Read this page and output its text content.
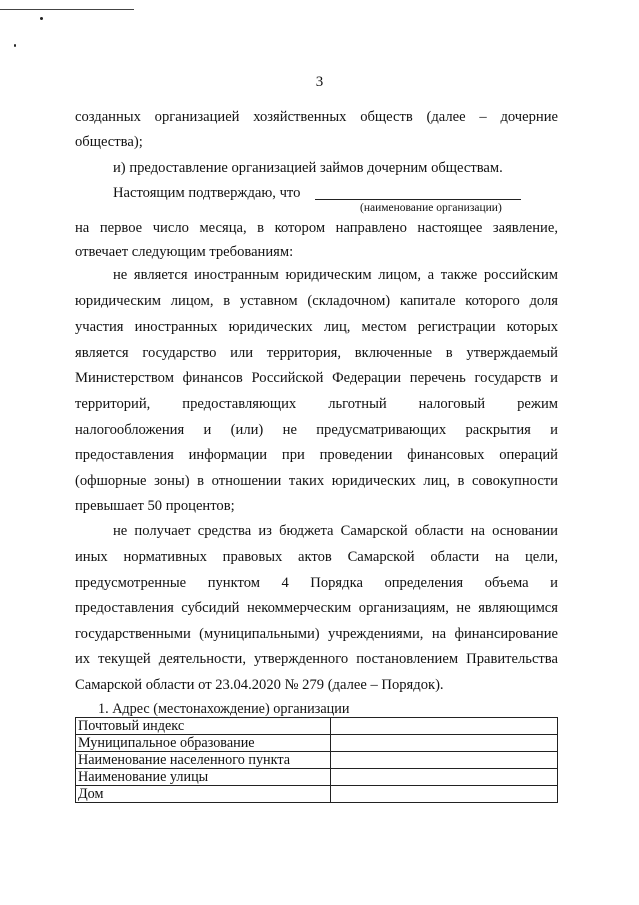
3
созданных организацией хозяйственных обществ (далее – дочерние
общества);
и) предоставление организацией займов дочерним обществам.
Настоящим подтверждаю, что
(наименование организации)
на первое число месяца, в котором направлено настоящее заявление,
отвечает следующим требованиям:
не является иностранным юридическим лицом, а также российским
юридическим лицом, в уставном (складочном) капитале которого доля
участия иностранных юридических лиц, местом регистрации которых
является государство или территория, включенные в утверждаемый
Министерством финансов Российской Федерации перечень государств и
территорий, предоставляющих льготный налоговый режим
налогообложения и (или) не предусматривающих раскрытия и
предоставления информации при проведении финансовых операций
(офшорные зоны) в отношении таких юридических лиц, в совокупности
превышает 50 процентов;
не получает средства из бюджета Самарской области на основании
иных нормативных правовых актов Самарской области на цели,
предусмотренные пунктом 4 Порядка определения объема и
предоставления субсидий некоммерческим организациям, не являющимся
государственными (муниципальными) учреждениями, на финансирование
их текущей деятельности, утвержденного постановлением Правительства
Самарской области от 23.04.2020 № 279 (далее – Порядок).
1. Адрес (местонахождение) организации
Почтовый индекс	
Муниципальное образование	
Наименование населенного пункта	
Наименование улицы	
Дом	
